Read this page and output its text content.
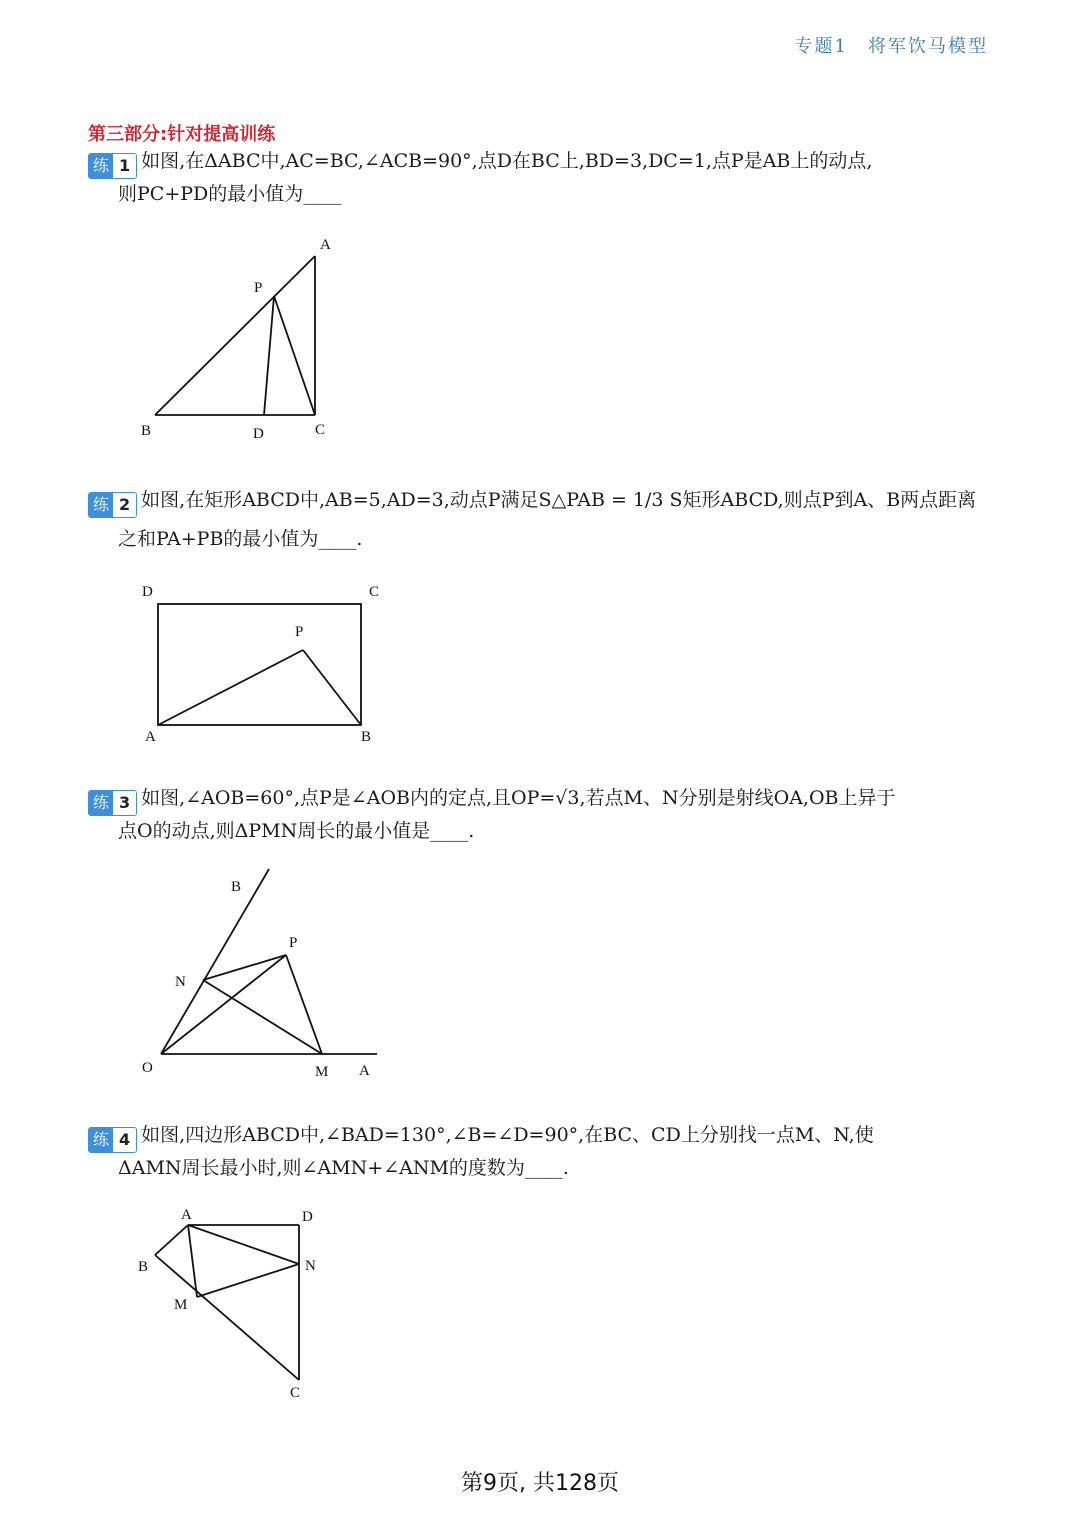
专题1　将军饮马模型
第三部分:针对提高训练
练 1 如图,在ΔABC中,AC=BC,∠ACB=90°,点D在BC上,BD=3,DC=1,点P是AB上的动点,
则PC+PD的最小值为____
A
P
B	D	C
练 2 如图,在矩形ABCD中,AB=5,AD=3,动点P满足S△PAB = 1/3 S矩形ABCD,则点P到A、B两点距离
之和PA+PB的最小值为____.
D	C
P
A	B
练 3 如图,∠AOB=60°,点P是∠AOB内的定点,且OP=√3,若点M、N分别是射线OA,OB上异于
点O的动点,则ΔPMN周长的最小值是____.
B
P
N
O	M A
练 4 如图,四边形ABCD中,∠BAD=130°,∠B=∠D=90°,在BC、CD上分别找一点M、N,使
ΔAMN周长最小时,则∠AMN+∠ANM的度数为____.
A	D
B	N
M
C
第9页, 共128页
